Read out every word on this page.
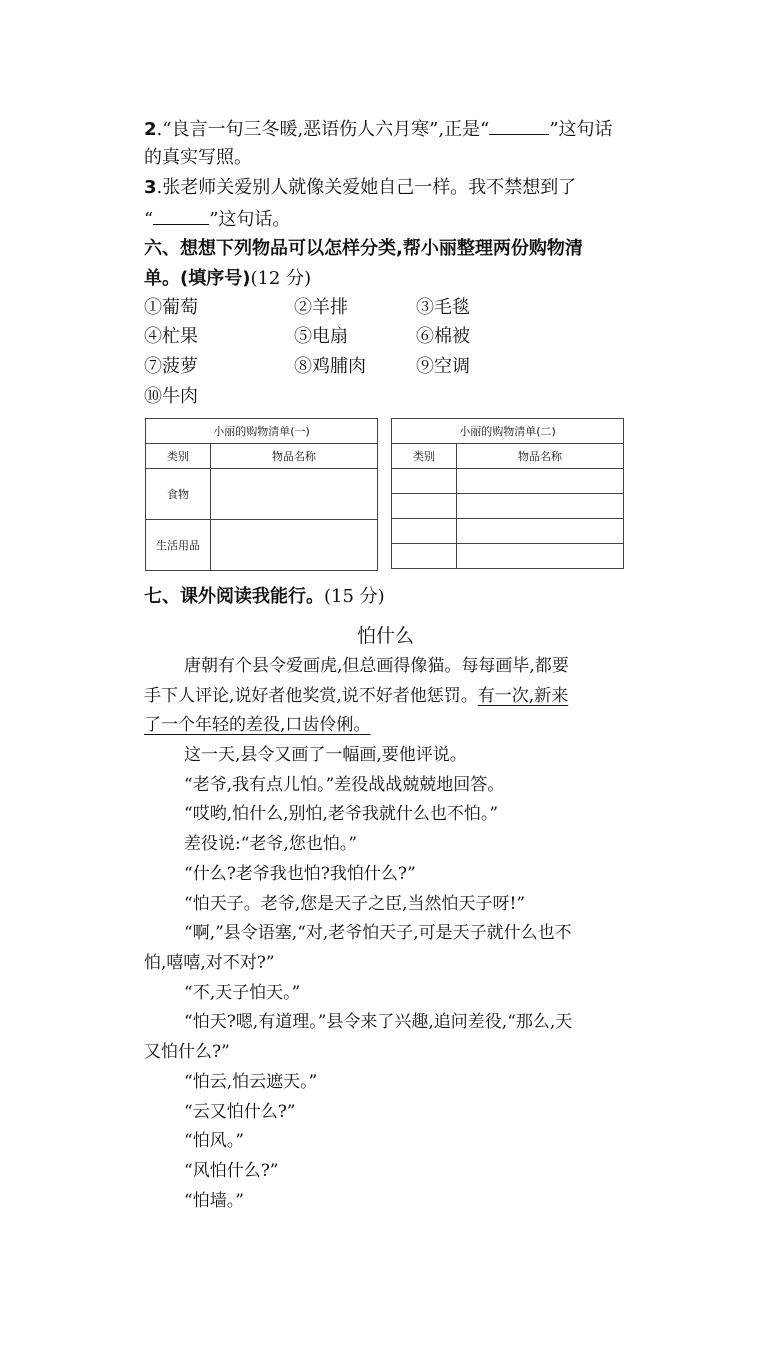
2.“良言一句三冬暖,恶语伤人六月寒”,正是“	”这句话
的真实写照。
3.张老师关爱别人就像关爱她自己一样。我不禁想到了
“	”这句话。
六、想想下列物品可以怎样分类,帮小丽整理两份购物清
单。(填序号)(12 分)
①葡萄	②羊排	③毛毯
④杧果	⑤电扇	⑥棉被
⑦菠萝	⑧鸡脯肉	⑨空调
⑩牛肉
小丽的购物清单(一)	
类别	物品名称
食物	
生活用品	
小丽的购物清单(二)	
类别	物品名称

七、课外阅读我能行。(15 分)
怕什么
唐朝有个县令爱画虎,但总画得像猫。每每画毕,都要
手下人评论,说好者他奖赏,说不好者他惩罚。有一次,新来
了一个年轻的差役,口齿伶俐。
这一天,县令又画了一幅画,要他评说。
“老爷,我有点儿怕。”差役战战兢兢地回答。
“哎哟,怕什么,别怕,老爷我就什么也不怕。”
差役说:“老爷,您也怕。”
“什么?老爷我也怕?我怕什么?”
“怕天子。老爷,您是天子之臣,当然怕天子呀!”
“啊,”县令语塞,“对,老爷怕天子,可是天子就什么也不
怕,嘻嘻,对不对?”
“不,天子怕天。”
“怕天?嗯,有道理。”县令来了兴趣,追问差役,“那么,天
又怕什么?”
“怕云,怕云遮天。”
“云又怕什么?”
“怕风。”
“风怕什么?”
“怕墙。”
